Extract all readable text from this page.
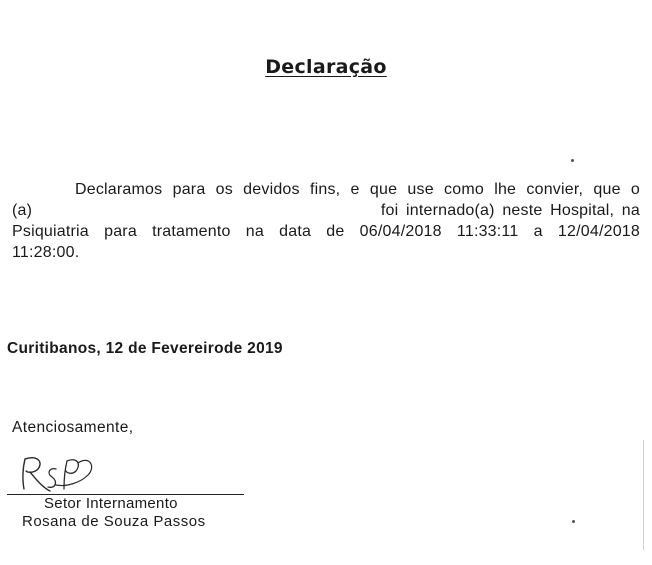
Declaração
Declaramos para os devidos fins, e que use como lhe convier, que o
(a)	foi internado(a) neste Hospital, na
Psiquiatria para tratamento na data de 06/04/2018 11:33:11 a 12/04/2018
11:28:00.
Curitibanos, 12 de Fevereirode 2019
Atenciosamente,
Setor Internamento
Rosana de Souza Passos
